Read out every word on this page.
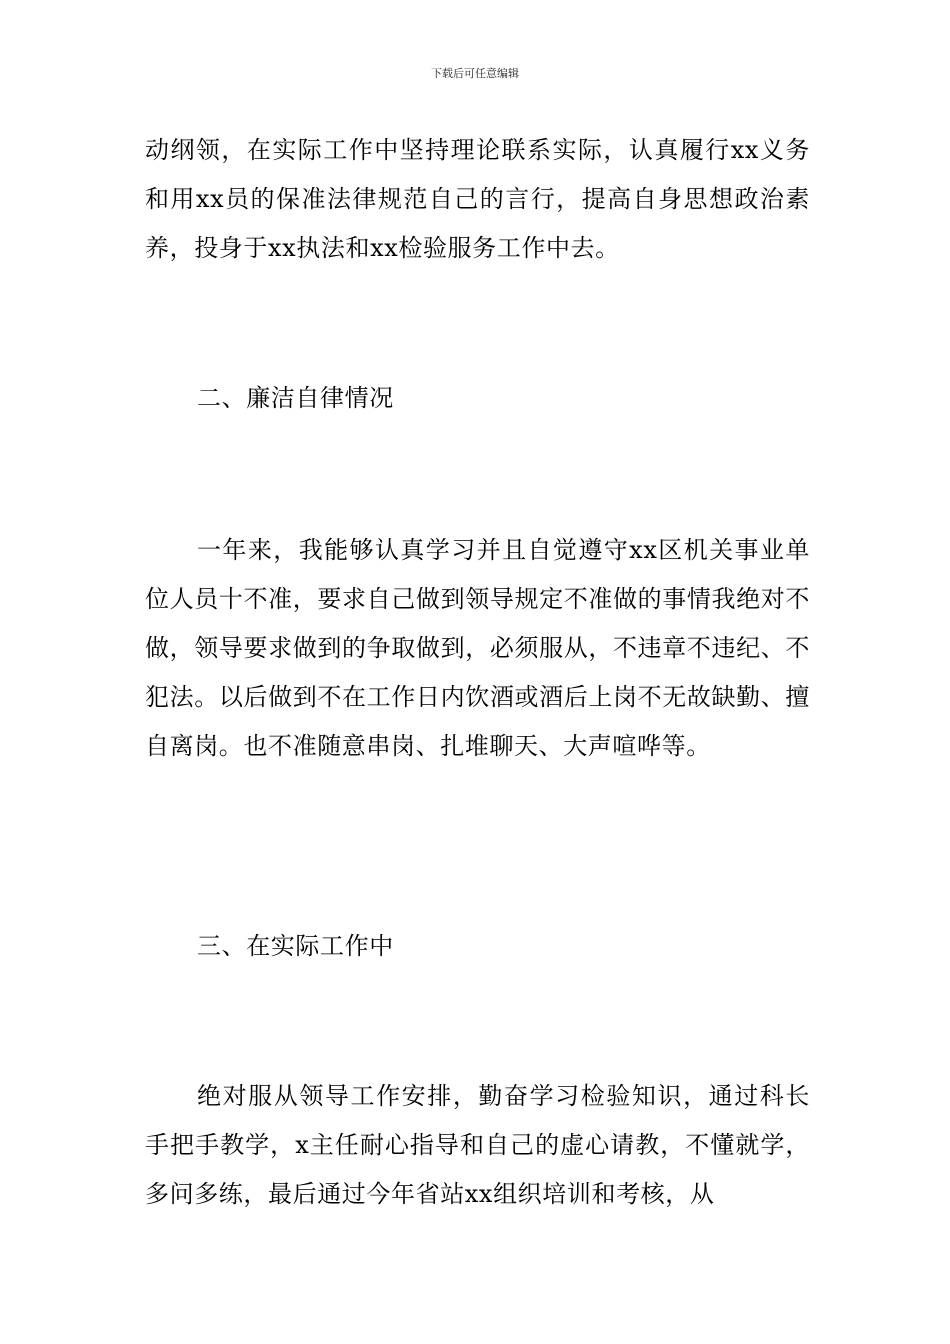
下载后可任意编辑

动纲领，在实际工作中坚持理论联系实际，认真履行xx义务和用xx员的保准法律规范自己的言行，提高自身思想政治素养，投身于xx执法和xx检验服务工作中去。

二、廉洁自律情况

一年来，我能够认真学习并且自觉遵守xx区机关事业单位人员十不准，要求自己做到领导规定不准做的事情我绝对不做，领导要求做到的争取做到，必须服从，不违章不违纪、不犯法。以后做到不在工作日内饮酒或酒后上岗不无故缺勤、擅自离岗。也不准随意串岗、扎堆聊天、大声喧哗等。

三、在实际工作中

绝对服从领导工作安排，勤奋学习检验知识，通过科长手把手教学，x主任耐心指导和自己的虚心请教，不懂就学，多问多练，最后通过今年省站xx组织培训和考核，从
